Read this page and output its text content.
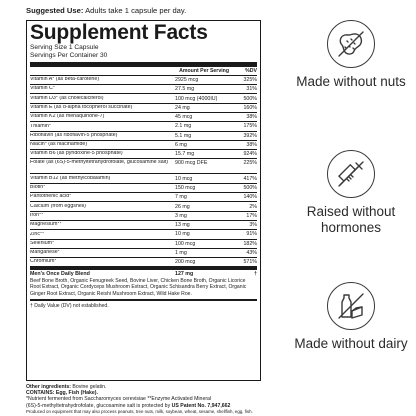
Suggested Use: Adults take 1 capsule per day.
Supplement Facts
Serving Size 1 Capsule
Servings Per Container 30
Amount Per Serving	%DV
Vitamin A* (as beta-carotene)	2925 mcg	325%
Vitamin C*	27.5 mg	31%
Vitamin D3* (as cholecalciferol)	100 mcg (4000IU)	500%
Vitamin E (as d-alpha tocopherol succinate)	24 mg	160%
Vitamin K2 (as menaquinone-7)	45 mcg	38%
Thiamin*	2.1 mg	175%
Riboflavin (as riboflavin-5 phosphate)	5.1 mg	392%
Niacin* (as niacinamide)	6 mg	38%
Vitamin B6 (as pyridoxine-5 phosphate)	15.7 mg	924%
Folate (as (6S)-5-methyltetrahydrofolate, glucosamine salt)	900 mcg DFE	225%
Vitamin B12 (as methylcobalamin)	10 mcg	417%
Biotin*	150 mcg	500%
Pantothenic acid*	7 mg	140%
Calcium (from eggshell)	26 mg	2%
Iron**	3 mg	17%
Magnesium**	13 mg	3%
Zinc**	10 mg	91%
Selenium*	100 mcg	182%
Manganese*	1 mg	43%
Chromium*	200 mcg	571%
Men's Once Daily Blend	127 mg	†
Beef Bone Broth, Organic Fenugreek Seed, Bovine Liver, Chicken Bone Broth, Organic Licorice Root Extract, Organic Cordyceps Mushroom Extract, Organic Schisandra Berry Extract, Organic Ginger Root Extract, Organic Reishi Mushroom Extract, Wild Hake Roe.
† Daily Value (DV) not established.
Other ingredients: Bovine gelatin.
CONTAINS: Egg, Fish (Hake).
*Nutrient fermented from Saccharomyces cerevisiae **Enzyme Activated Mineral
(6S)-5-methyltetrahydrofolate, glucosamine salt is protected by US Patent No. 7,947,662
Produced on equipment that may also process peanuts, tree nuts, milk, soybean, wheat, sesame, shellfish, egg, fish.
Made without nuts
Raised without hormones
Made without dairy
